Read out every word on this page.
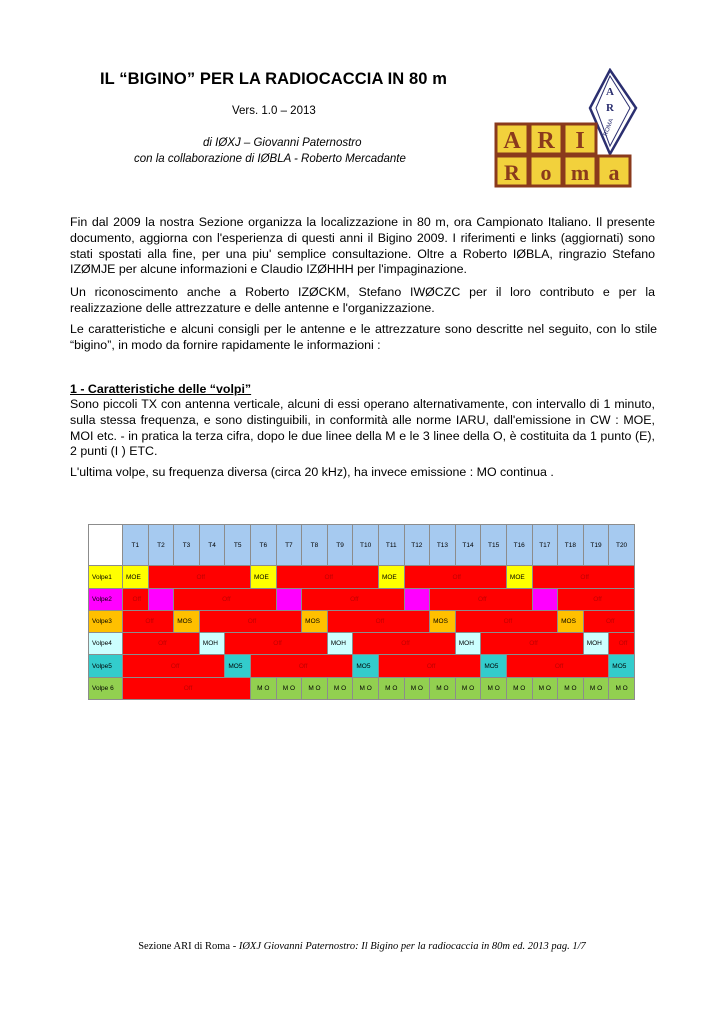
IL “BIGINO” PER LA RADIOCACCIA IN 80 m
Vers. 1.0 – 2013
di IØXJ – Giovanni Paternostro
con la collaborazione di IØBLA - Roberto Mercadante
A
R
ROMA
A R I
R o m a
Fin dal 2009 la nostra Sezione organizza la localizzazione in 80 m, ora Campionato Italiano. Il presente documento, aggiorna con l'esperienza di questi anni il Bigino 2009. I riferimenti e links (aggiornati) sono stati spostati alla fine, per una piu' semplice consultazione. Oltre a Roberto IØBLA, ringrazio Stefano IZØMJE per alcune informazioni e Claudio IZØHHH per l'impaginazione.
Un riconoscimento anche a Roberto IZØCKM, Stefano IWØCZC per il loro contributo e per la realizzazione delle attrezzature e delle antenne e l'organizzazione.
Le caratteristiche e alcuni consigli per le antenne e le attrezzature sono descritte nel seguito, con lo stile “bigino”, in modo da fornire rapidamente le informazioni :
1 - Caratteristiche delle “volpi”
Sono piccoli TX con antenna verticale, alcuni di essi operano alternativamente, con intervallo di 1 minuto, sulla stessa frequenza, e sono distinguibili, in conformità alle norme IARU, dall'emissione in CW : MOE, MOI etc. - in pratica la terza cifra, dopo le due linee della M e le 3 linee della O, è costituita da 1 punto (E), 2 punti (I ) ETC.
L'ultima volpe, su frequenza diversa (circa 20 kHz), ha invece emissione : MO continua .
	T1	T2	T3	T4	T5	T6	T7	T8	T9	T10	T11	T12	T13	T14	T15	T16	T17	T18	T19	T20
Volpe1	MOE	Off				MOE	Off				MOE	Off				MOE	Off			
Volpe2	Off		Off					Off					Off					Off		
Volpe3	Off		MOS	Off				MOS	Off				MOS	Off				MOS	Off	
Volpe4	Off			MOH	Off				MOH	Off				MOH	Off				MOH	Off
Volpe5	Off				MO5	Off				MO5	Off				MO5	Off				MO5
Volpe 6	Off					M O	M O	M O	M O	M O	M O	M O	M O	M O	M O	M O	M O	M O	M O	M O
Sezione ARI di Roma - IØXJ Giovanni Paternostro: Il Bigino per la radiocaccia in 80m ed. 2013 pag. 1/7
